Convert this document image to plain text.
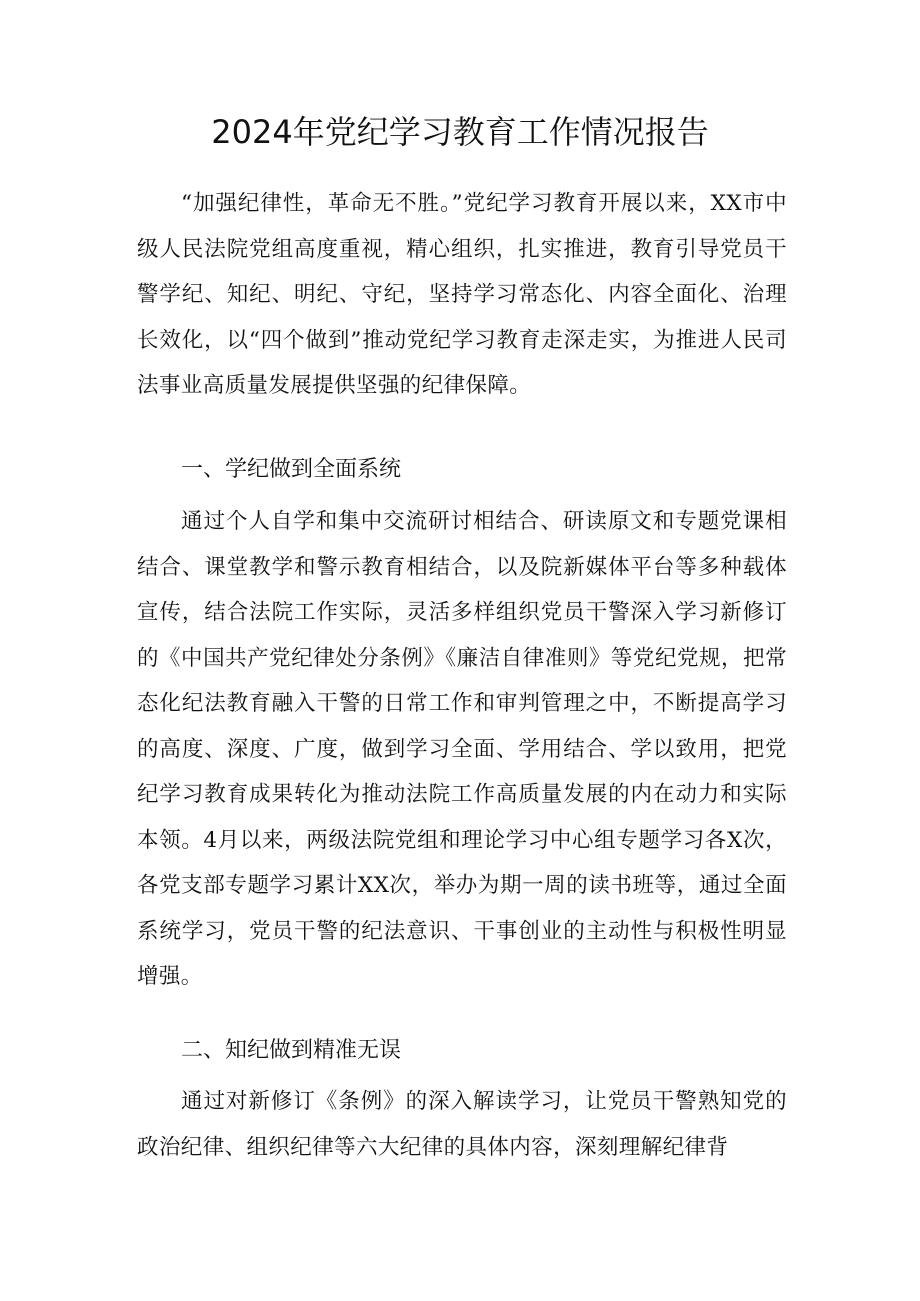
2024年党纪学习教育工作情况报告

“加强纪律性，革命无不胜。”党纪学习教育开展以来，XX市中级人民法院党组高度重视，精心组织，扎实推进，教育引导党员干警学纪、知纪、明纪、守纪，坚持学习常态化、内容全面化、治理长效化，以“四个做到”推动党纪学习教育走深走实，为推进人民司法事业高质量发展提供坚强的纪律保障。

一、学纪做到全面系统

通过个人自学和集中交流研讨相结合、研读原文和专题党课相结合、课堂教学和警示教育相结合，以及院新媒体平台等多种载体宣传，结合法院工作实际，灵活多样组织党员干警深入学习新修订的《中国共产党纪律处分条例》《廉洁自律准则》等党纪党规，把常态化纪法教育融入干警的日常工作和审判管理之中，不断提高学习的高度、深度、广度，做到学习全面、学用结合、学以致用，把党纪学习教育成果转化为推动法院工作高质量发展的内在动力和实际本领。4月以来，两级法院党组和理论学习中心组专题学习各X次，各党支部专题学习累计XX次，举办为期一周的读书班等，通过全面系统学习，党员干警的纪法意识、干事创业的主动性与积极性明显增强。

二、知纪做到精准无误

通过对新修订《条例》的深入解读学习，让党员干警熟知党的政治纪律、组织纪律等六大纪律的具体内容，深刻理解纪律背
